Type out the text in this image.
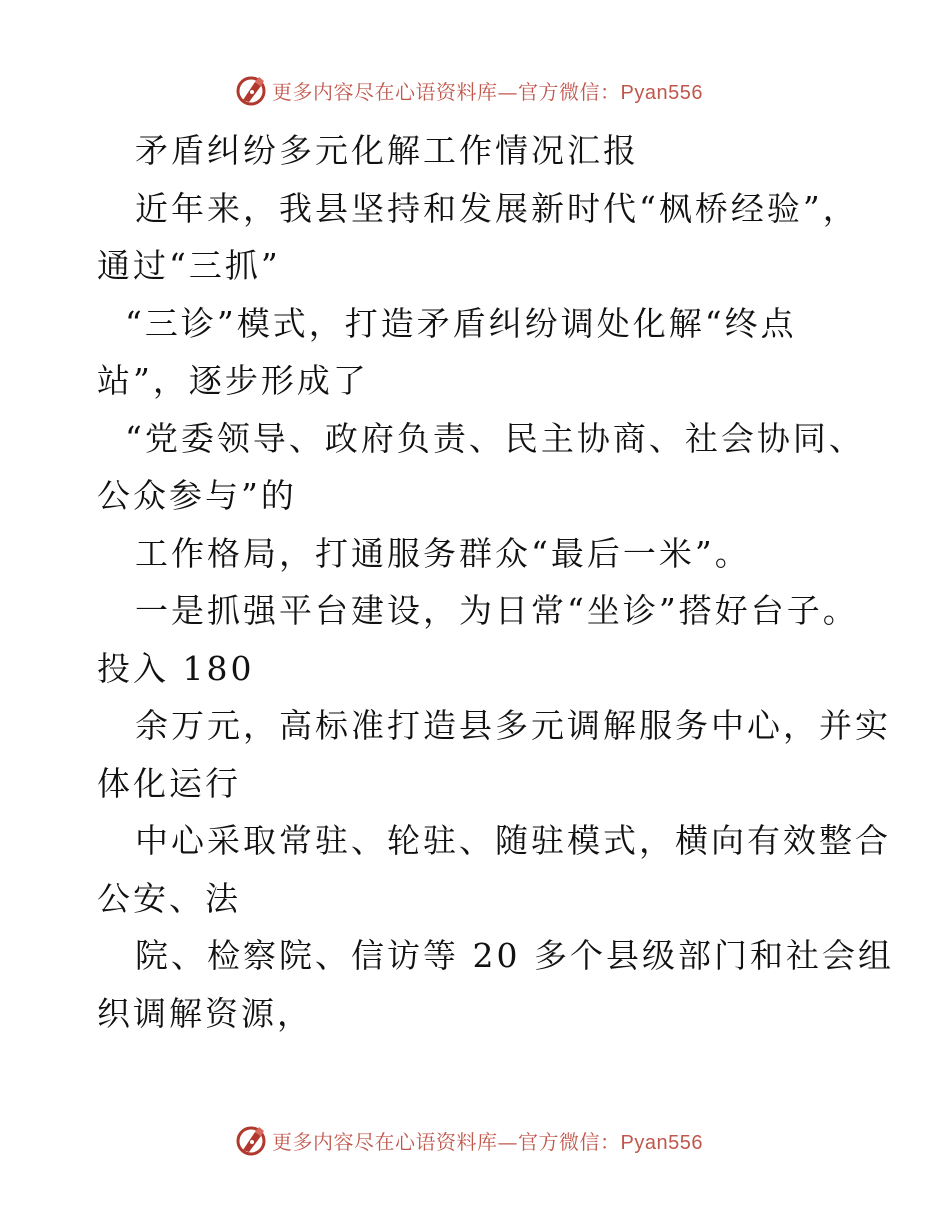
更多内容尽在心语资料库—官方微信：Pyan556
矛盾纠纷多元化解工作情况汇报
近年来，我县坚持和发展新时代“枫桥经验”，
通过“三抓”
“三诊”模式，打造矛盾纠纷调处化解“终点
站”，逐步形成了
“党委领导、政府负责、民主协商、社会协同、
公众参与”的
工作格局，打通服务群众“最后一米”。
一是抓强平台建设，为日常“坐诊”搭好台子。
投入 180
余万元，高标准打造县多元调解服务中心，并实
体化运行
中心采取常驻、轮驻、随驻模式，横向有效整合
公安、法
院、检察院、信访等 20 多个县级部门和社会组
织调解资源，
更多内容尽在心语资料库—官方微信：Pyan556
